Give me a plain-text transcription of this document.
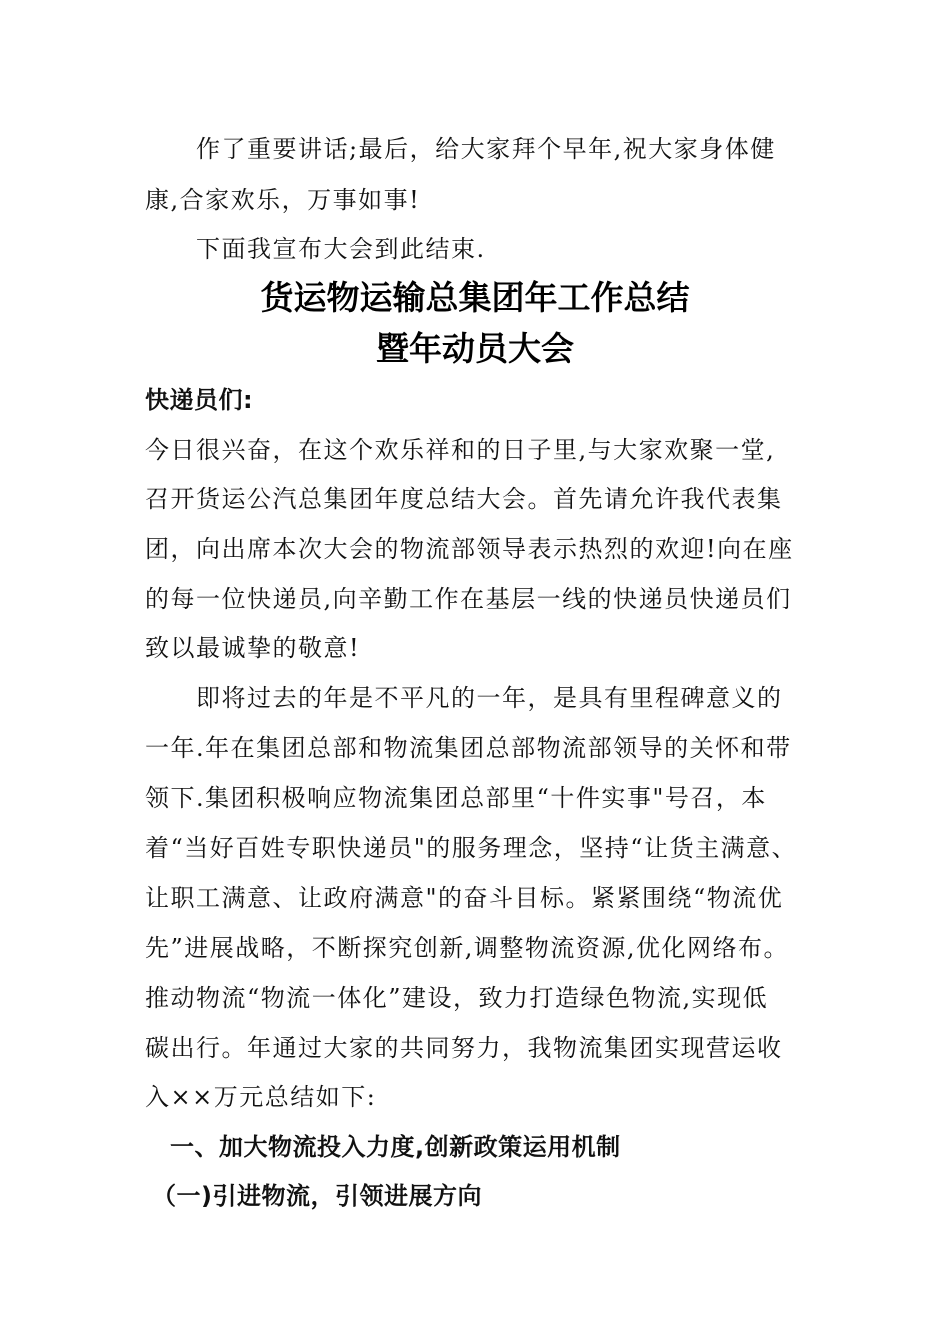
作了重要讲话;最后，给大家拜个早年,祝大家身体健
康,合家欢乐，万事如事!
下面我宣布大会到此结束.
货运物运输总集团年工作总结
暨年动员大会
快递员们:
今日很兴奋，在这个欢乐祥和的日子里,与大家欢聚一堂,
召开货运公汽总集团年度总结大会。首先请允许我代表集
团，向出席本次大会的物流部领导表示热烈的欢迎!向在座
的每一位快递员,向辛勤工作在基层一线的快递员快递员们
致以最诚挚的敬意!
即将过去的年是不平凡的一年，是具有里程碑意义的
一年.年在集团总部和物流集团总部物流部领导的关怀和带
领下.集团积极响应物流集团总部里“十件实事"号召，本
着“当好百姓专职快递员"的服务理念，坚持“让货主满意、
让职工满意、让政府满意"的奋斗目标。紧紧围绕“物流优
先”进展战略，不断探究创新,调整物流资源,优化网络布。
推动物流“物流一体化”建设，致力打造绿色物流,实现低
碳出行。年通过大家的共同努力，我物流集团实现营运收
入××万元总结如下:
一、加大物流投入力度,创新政策运用机制
（一)引进物流，引领进展方向
